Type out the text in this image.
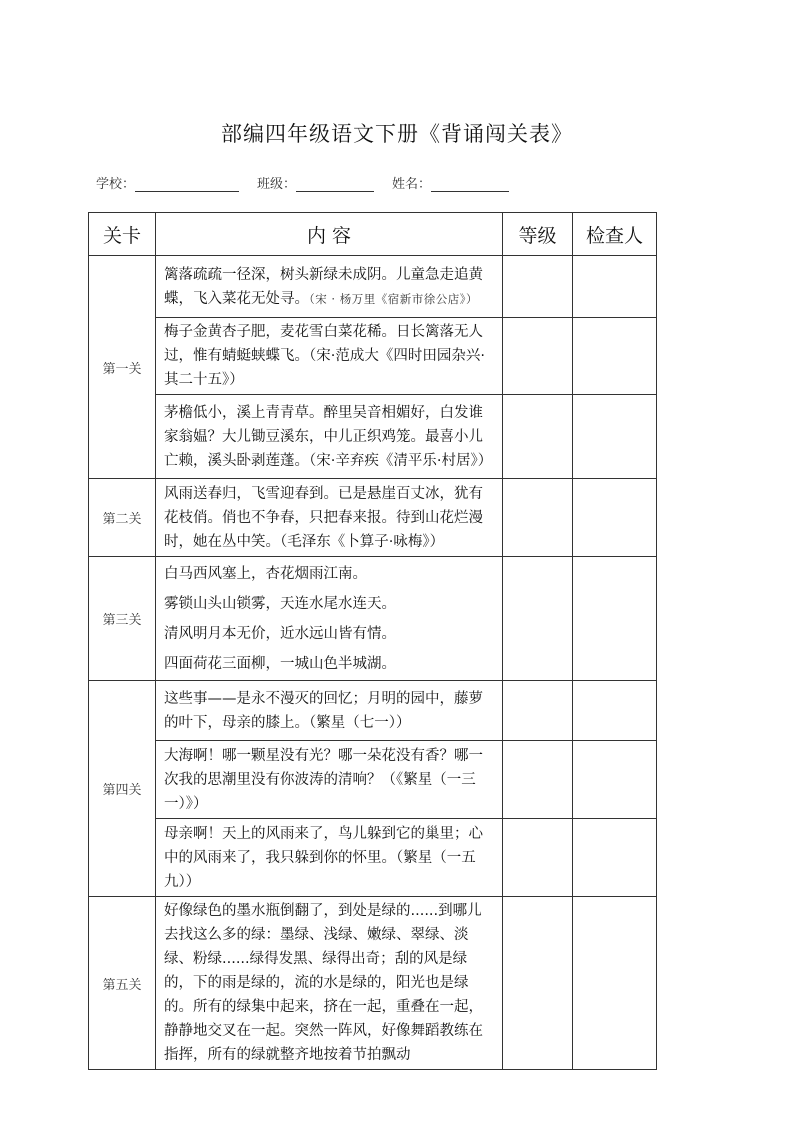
部编四年级语文下册《背诵闯关表》
学校：	班级：	姓名：
关卡	内 容	等级	检查人
第一关	篱落疏疏一径深，树头新绿未成阴。儿童急走追黄蝶，飞入菜花无处寻。（宋 · 杨万里《宿新市徐公店》）		
	梅子金黄杏子肥，麦花雪白菜花稀。日长篱落无人过，惟有蜻蜓蛱蝶飞。（宋·范成大《四时田园杂兴·其二十五》）		
	茅檐低小，溪上青青草。醉里吴音相媚好，白发谁家翁媪？大儿锄豆溪东，中儿正织鸡笼。最喜小儿亡赖，溪头卧剥莲蓬。（宋·辛弃疾《清平乐·村居》）		
第二关	风雨送春归，飞雪迎春到。已是悬崖百丈冰，犹有花枝俏。俏也不争春，只把春来报。待到山花烂漫时，她在丛中笑。（毛泽东《卜算子·咏梅》）		
第三关	白马西风塞上，杏花烟雨江南。

雾锁山头山锁雾，天连水尾水连天。

清风明月本无价，近水远山皆有情。

四面荷花三面柳，一城山色半城湖。		

第四关	这些事——是永不漫灭的回忆；月明的园中，藤萝的叶下，母亲的膝上。（繁星（七一））		
	大海啊！哪一颗星没有光？哪一朵花没有香？哪一次我的思潮里没有你波涛的清响？（《繁星（一三一）》）		
	母亲啊！天上的风雨来了，鸟儿躲到它的巢里；心中的风雨来了，我只躲到你的怀里。（繁星（一五九））		
第五关	好像绿色的墨水瓶倒翻了，到处是绿的......到哪儿去找这么多的绿：墨绿、浅绿、嫩绿、翠绿、淡绿、粉绿......绿得发黑、绿得出奇；刮的风是绿的，下的雨是绿的，流的水是绿的，阳光也是绿的。所有的绿集中起来，挤在一起，重叠在一起，静静地交叉在一起。突然一阵风，好像舞蹈教练在指挥，所有的绿就整齐地按着节拍飘动		
